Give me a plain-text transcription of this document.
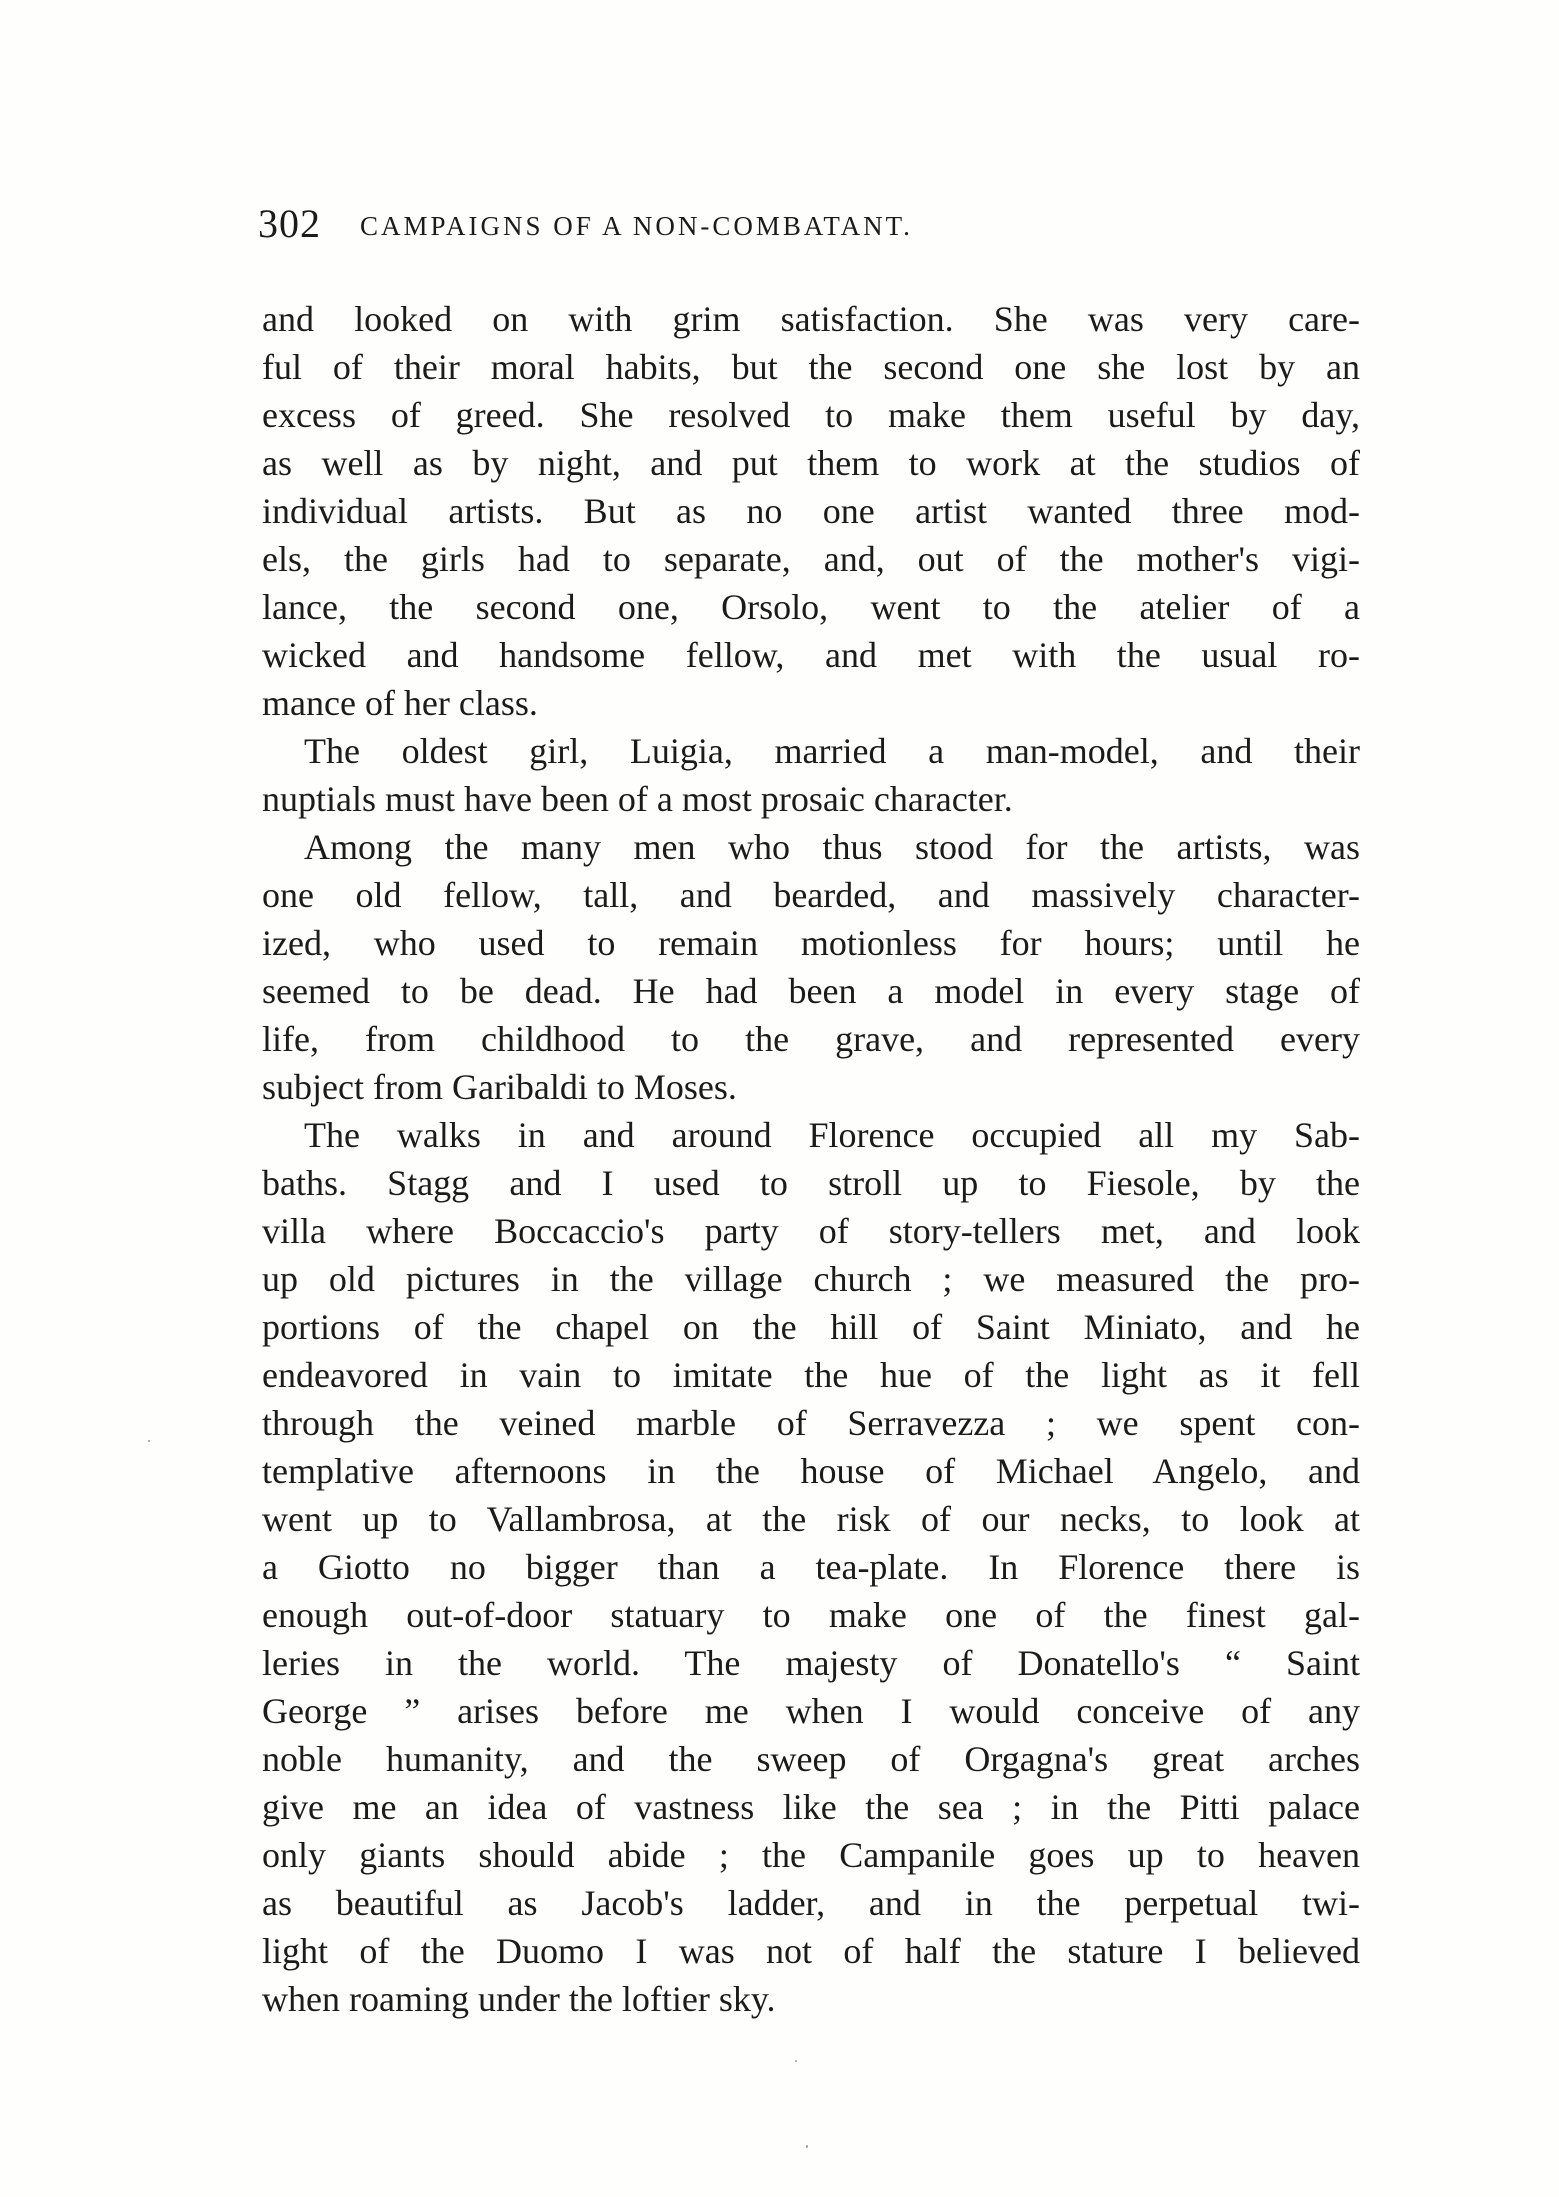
302 CAMPAIGNS OF A NON-COMBATANT.
and looked on with grim satisfaction. She was very care-
ful of their moral habits, but the second one she lost by an
excess of greed. She resolved to make them useful by day,
as well as by night, and put them to work at the studios of
individual artists. But as no one artist wanted three mod-
els, the girls had to separate, and, out of the mother's vigi-
lance, the second one, Orsolo, went to the atelier of a
wicked and handsome fellow, and met with the usual ro-
mance of her class.
The oldest girl, Luigia, married a man-model, and their
nuptials must have been of a most prosaic character.
Among the many men who thus stood for the artists, was
one old fellow, tall, and bearded, and massively character-
ized, who used to remain motionless for hours; until he
seemed to be dead. He had been a model in every stage of
life, from childhood to the grave, and represented every
subject from Garibaldi to Moses.
The walks in and around Florence occupied all my Sab-
baths. Stagg and I used to stroll up to Fiesole, by the
villa where Boccaccio's party of story-tellers met, and look
up old pictures in the village church ; we measured the pro-
portions of the chapel on the hill of Saint Miniato, and he
endeavored in vain to imitate the hue of the light as it fell
through the veined marble of Serravezza ; we spent con-
templative afternoons in the house of Michael Angelo, and
went up to Vallambrosa, at the risk of our necks, to look at
a Giotto no bigger than a tea-plate. In Florence there is
enough out-of-door statuary to make one of the finest gal-
leries in the world. The majesty of Donatello's “ Saint
George ” arises before me when I would conceive of any
noble humanity, and the sweep of Orgagna's great arches
give me an idea of vastness like the sea ; in the Pitti palace
only giants should abide ; the Campanile goes up to heaven
as beautiful as Jacob's ladder, and in the perpetual twi-
light of the Duomo I was not of half the stature I believed
when roaming under the loftier sky.
